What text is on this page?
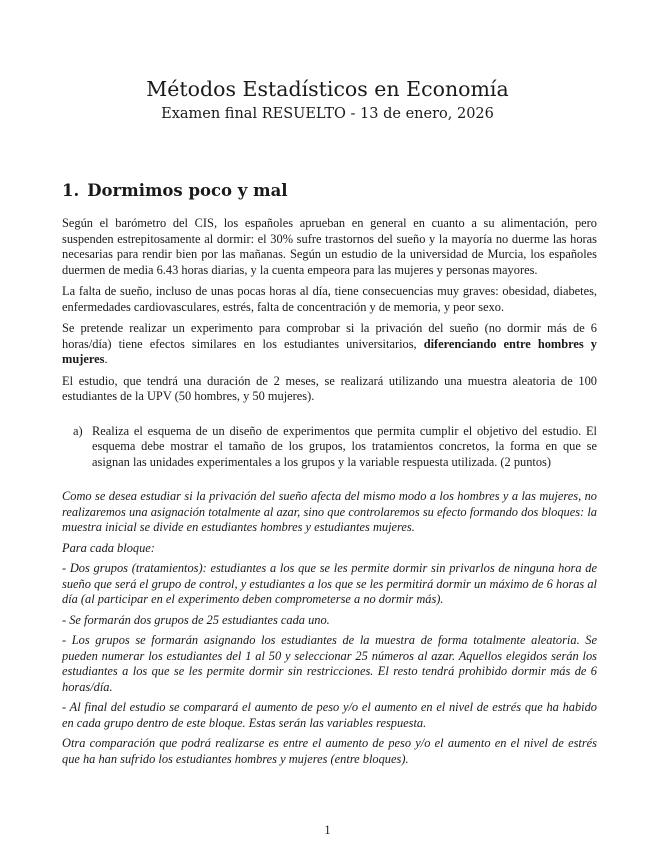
Métodos Estadísticos en Economía
Examen final RESUELTO - 13 de enero, 2026
1. Dormimos poco y mal

Según el barómetro del CIS, los españoles aprueban en general en cuanto a su alimentación, pero suspenden estrepitosamente al dormir: el 30% sufre trastornos del sueño y la mayoría no duerme las horas necesarias para rendir bien por las mañanas. Según un estudio de la universidad de Murcia, los españoles duermen de media 6.43 horas diarias, y la cuenta empeora para las mujeres y personas mayores.

La falta de sueño, incluso de unas pocas horas al día, tiene consecuencias muy graves: obesidad, diabetes, enfermedades cardiovasculares, estrés, falta de concentración y de memoria, y peor sexo.

Se pretende realizar un experimento para comprobar si la privación del sueño (no dormir más de 6 horas/día) tiene efectos similares en los estudiantes universitarios, diferenciando entre hombres y mujeres.

El estudio, que tendrá una duración de 2 meses, se realizará utilizando una muestra aleatoria de 100 estudiantes de la UPV (50 hombres, y 50 mujeres).

a) Realiza el esquema de un diseño de experimentos que permita cumplir el objetivo del estudio. El esquema debe mostrar el tamaño de los grupos, los tratamientos concretos, la forma en que se asignan las unidades experimentales a los grupos y la variable respuesta utilizada. (2 puntos)

Como se desea estudiar si la privación del sueño afecta del mismo modo a los hombres y a las mujeres, no realizaremos una asignación totalmente al azar, sino que controlaremos su efecto formando dos bloques: la muestra inicial se divide en estudiantes hombres y estudiantes mujeres.

Para cada bloque:

- Dos grupos (tratamientos): estudiantes a los que se les permite dormir sin privarlos de ninguna hora de sueño que será el grupo de control, y estudiantes a los que se les permitirá dormir un máximo de 6 horas al día (al participar en el experimento deben comprometerse a no dormir más).

- Se formarán dos grupos de 25 estudiantes cada uno.

- Los grupos se formarán asignando los estudiantes de la muestra de forma totalmente aleatoria. Se pueden numerar los estudiantes del 1 al 50 y seleccionar 25 números al azar. Aquellos elegidos serán los estudiantes a los que se les permite dormir sin restricciones. El resto tendrá prohibido dormir más de 6 horas/día.

- Al final del estudio se comparará el aumento de peso y/o el aumento en el nivel de estrés que ha habido en cada grupo dentro de este bloque. Estas serán las variables respuesta.

Otra comparación que podrá realizarse es entre el aumento de peso y/o el aumento en el nivel de estrés que ha han sufrido los estudiantes hombres y mujeres (entre bloques).

1
